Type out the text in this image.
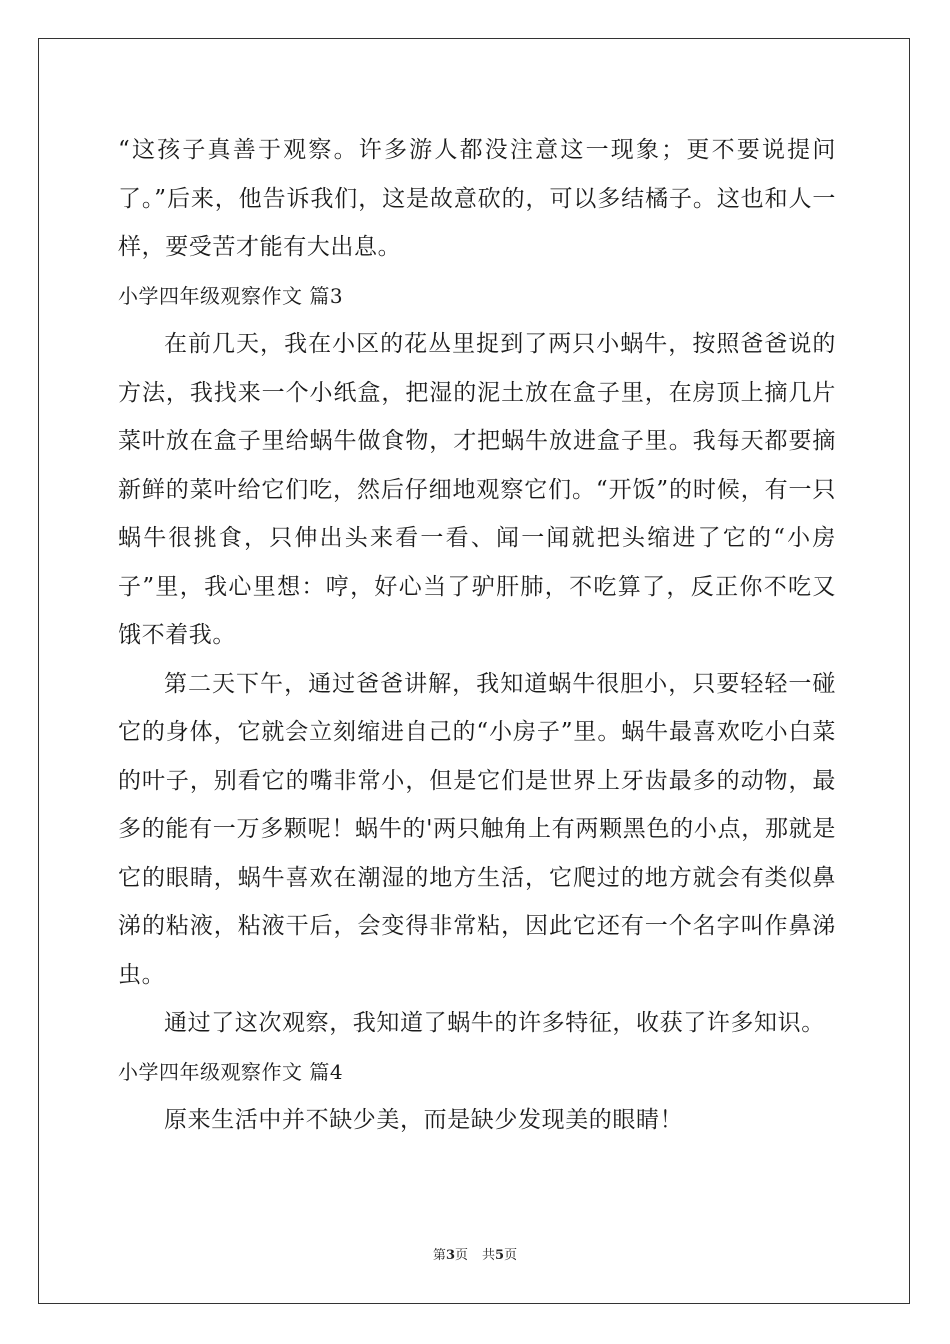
“这孩子真善于观察。许多游人都没注意这一现象；更不要说提问了。”后来，他告诉我们，这是故意砍的，可以多结橘子。这也和人一样，要受苦才能有大出息。

小学四年级观察作文 篇3

在前几天，我在小区的花丛里捉到了两只小蜗牛，按照爸爸说的方法，我找来一个小纸盒，把湿的泥土放在盒子里，在房顶上摘几片菜叶放在盒子里给蜗牛做食物，才把蜗牛放进盒子里。我每天都要摘新鲜的菜叶给它们吃，然后仔细地观察它们。“开饭”的时候，有一只蜗牛很挑食，只伸出头来看一看、闻一闻就把头缩进了它的“小房子”里，我心里想：哼，好心当了驴肝肺，不吃算了，反正你不吃又饿不着我。

第二天下午，通过爸爸讲解，我知道蜗牛很胆小，只要轻轻一碰它的身体，它就会立刻缩进自己的“小房子”里。蜗牛最喜欢吃小白菜的叶子，别看它的嘴非常小，但是它们是世界上牙齿最多的动物，最多的能有一万多颗呢！蜗牛的'两只触角上有两颗黑色的小点，那就是它的眼睛，蜗牛喜欢在潮湿的地方生活，它爬过的地方就会有类似鼻涕的粘液，粘液干后，会变得非常粘，因此它还有一个名字叫作鼻涕虫。

通过了这次观察，我知道了蜗牛的许多特征，收获了许多知识。

小学四年级观察作文 篇4

原来生活中并不缺少美，而是缺少发现美的眼睛！

第3页 共5页
